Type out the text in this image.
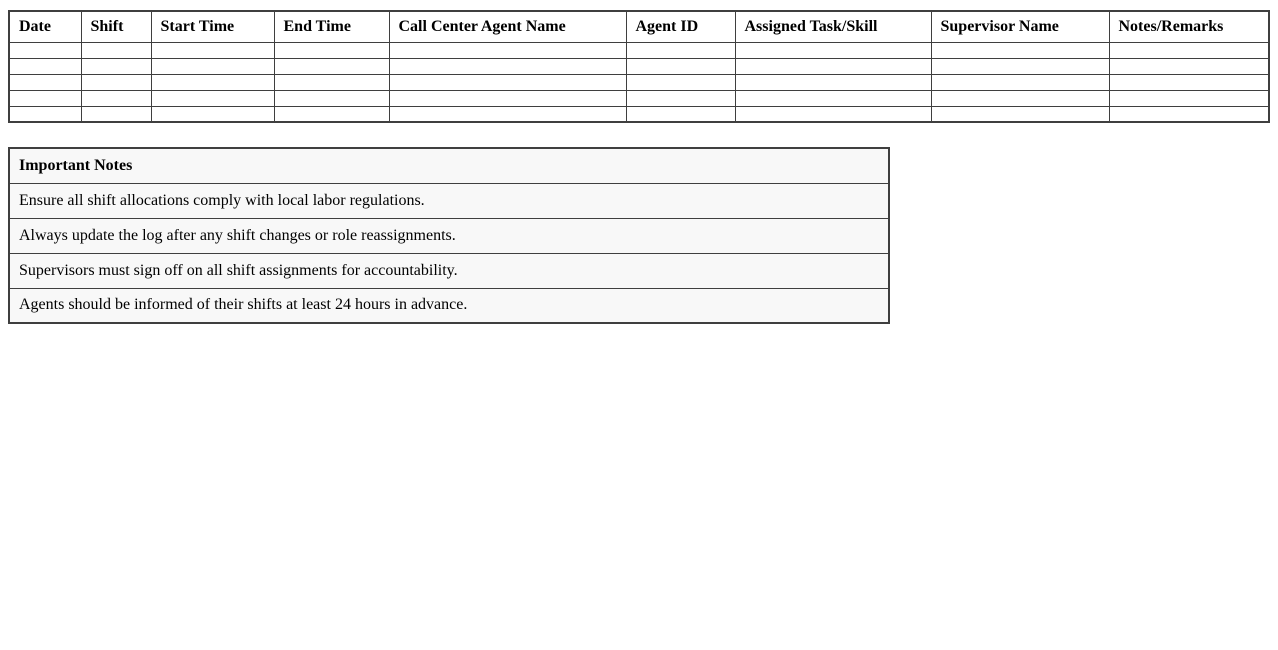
Date	Shift	Start Time	End Time	Call Center Agent Name	Agent ID	Assigned Task/Skill	Supervisor Name	Notes/Remarks

Important Notes
Ensure all shift allocations comply with local labor regulations.
Always update the log after any shift changes or role reassignments.
Supervisors must sign off on all shift assignments for accountability.
Agents should be informed of their shifts at least 24 hours in advance.
